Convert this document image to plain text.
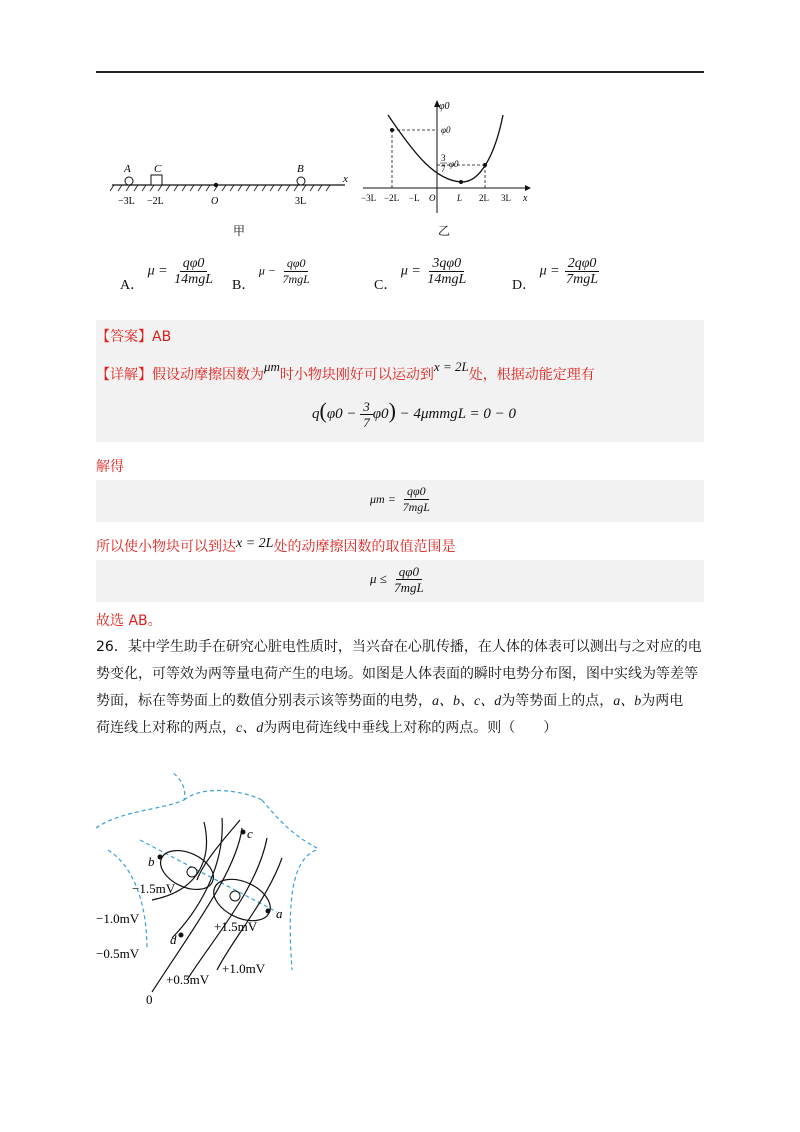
A C	B
x
−3L −2L	O	3L
甲
φ0
x
φ0
3
7 φ0
−3L −2L −L O L 2L 3L
乙
A． $\mu = \frac{q\varphi 0}{\text{14mgL}}$ B． $\mu - \frac{q\varphi 0}{\text{7mgL}}$	C． $\mu = \frac{3q\varphi 0}{\text{14mgL}}$	D． $\mu = \frac{2q\varphi 0}{\text{7mgL}}$
【答案】AB
【详解】假设动摩擦因数为μm时小物块刚好可以运动到x = 2L处，根据动能定理有
$q(\varphi 0 - \frac{3}{7} \varphi 0)$ − 4μmmgL = 0 − 0
解得
$\mu m = \frac{q\varphi 0}{\text{7mgL}}$
所以使小物块可以到达x = 2L处的动摩擦因数的取值范围是
$\mu \le \frac{q\varphi 0}{\text{7mgL}}$
故选 AB。
26．某中学生助手在研究心脏电性质时，当兴奋在心肌传播，在人体的体表可以测出与之对应的电
势变化，可等效为两等量电荷产生的电场。如图是人体表面的瞬时电势分布图，图中实线为等差等
势面，标在等势面上的数值分别表示该等势面的电势，a、b、c、d为等势面上的点，a、b为两电
荷连线上对称的两点，c、d为两电荷连线中垂线上对称的两点。则（　　）
b
a
c
d
−1.5mV
−1.0mV
−0.5mV
+1.5mV
+1.0mV
+0.5mV
0
